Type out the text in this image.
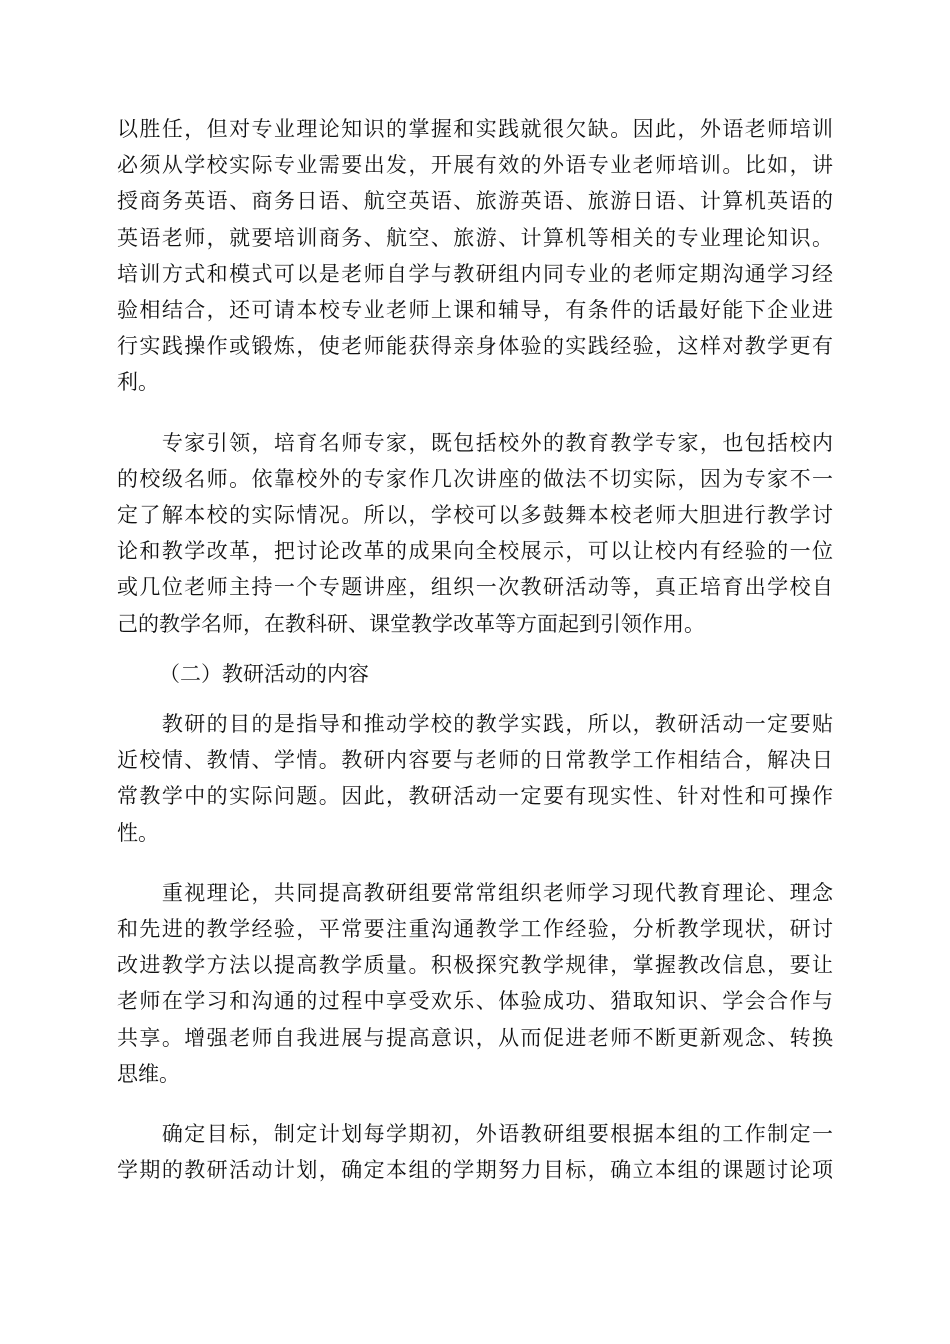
以胜任，但对专业理论知识的掌握和实践就很欠缺。因此，外语老师培训
必须从学校实际专业需要出发，开展有效的外语专业老师培训。比如，讲
授商务英语、商务日语、航空英语、旅游英语、旅游日语、计算机英语的
英语老师，就要培训商务、航空、旅游、计算机等相关的专业理论知识。
培训方式和模式可以是老师自学与教研组内同专业的老师定期沟通学习经
验相结合，还可请本校专业老师上课和辅导，有条件的话最好能下企业进
行实践操作或锻炼，使老师能获得亲身体验的实践经验，这样对教学更有
利。
　　专家引领，培育名师专家，既包括校外的教育教学专家，也包括校内
的校级名师。依靠校外的专家作几次讲座的做法不切实际，因为专家不一
定了解本校的实际情况。所以，学校可以多鼓舞本校老师大胆进行教学讨
论和教学改革，把讨论改革的成果向全校展示，可以让校内有经验的一位
或几位老师主持一个专题讲座，组织一次教研活动等，真正培育出学校自
己的教学名师，在教科研、课堂教学改革等方面起到引领作用。
（二）教研活动的内容
　　教研的目的是指导和推动学校的教学实践，所以，教研活动一定要贴
近校情、教情、学情。教研内容要与老师的日常教学工作相结合，解决日
常教学中的实际问题。因此，教研活动一定要有现实性、针对性和可操作
性。
　　重视理论，共同提高教研组要常常组织老师学习现代教育理论、理念
和先进的教学经验，平常要注重沟通教学工作经验，分析教学现状，研讨
改进教学方法以提高教学质量。积极探究教学规律，掌握教改信息，要让
老师在学习和沟通的过程中享受欢乐、体验成功、猎取知识、学会合作与
共享。增强老师自我进展与提高意识，从而促进老师不断更新观念、转换
思维。
　　确定目标，制定计划每学期初，外语教研组要根据本组的工作制定一
学期的教研活动计划，确定本组的学期努力目标，确立本组的课题讨论项
